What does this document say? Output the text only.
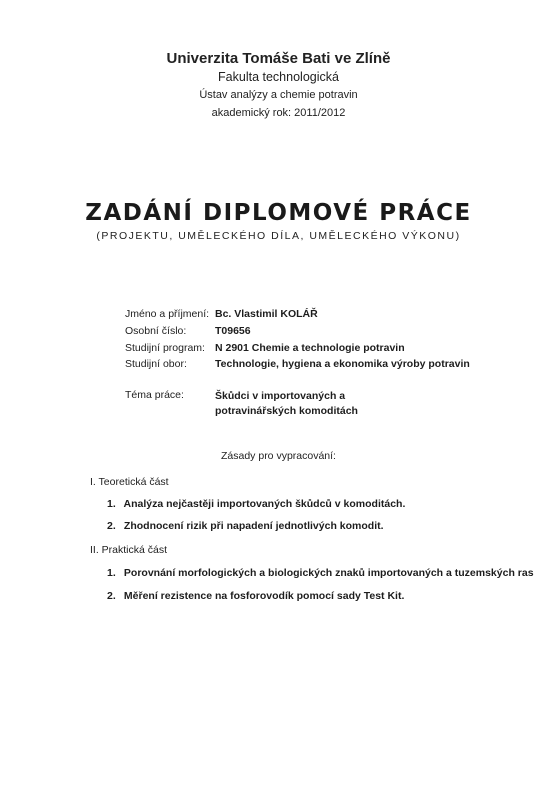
Univerzita Tomáše Bati ve Zlíně
Fakulta technologická
Ústav analýzy a chemie potravin
akademický rok: 2011/2012
ZADÁNÍ DIPLOMOVÉ PRÁCE
(PROJEKTU, UMĚLECKÉHO DÍLA, UMĚLECKÉHO VÝKONU)
Jméno a příjmení: Bc. Vlastimil KOLÁŘ
Osobní číslo:	T09656
Studijní program: N 2901 Chemie a technologie potravin
Studijní obor:	Technologie, hygiena a ekonomika výroby potravin
Téma práce:	Škůdci v importovaných a potravinářských komoditách
Zásady pro vypracování:
I. Teoretická část
1. Analýza nejčastěji importovaných škůdců v komoditách.
2. Zhodnocení rizik při napadení jednotlivých komodit.
II. Praktická část
1. Porovnání morfologických a biologických znaků importovaných a tuzemských ras
2. Měření rezistence na fosforovodík pomocí sady Test Kit.
